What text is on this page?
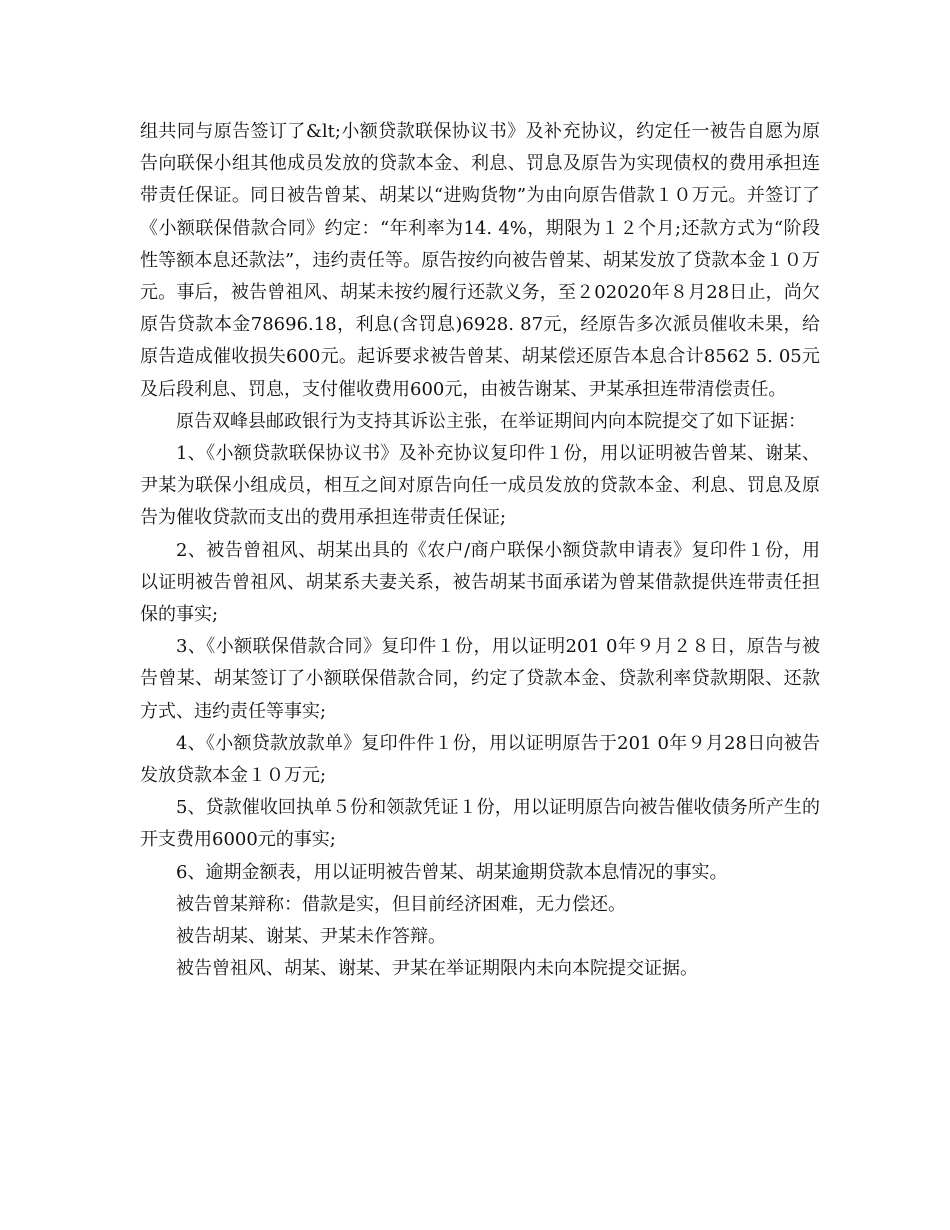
组共同与原告签订了&lt;小额贷款联保协议书》及补充协议，约定任一被告自愿为原告向联保小组其他成员发放的贷款本金、利息、罚息及原告为实现债权的费用承担连带责任保证。同日被告曾某、胡某以“进购货物”为由向原告借款１０万元。并签订了《小额联保借款合同》约定：“年利率为14. 4%，期限为１２个月;还款方式为“阶段性等额本息还款法”，违约责任等。原告按约向被告曾某、胡某发放了贷款本金１０万元。事后，被告曾祖风、胡某未按约履行还款义务，至２02020年８月28日止，尚欠原告贷款本金78696.18，利息(含罚息)6928. 87元，经原告多次派员催收未果，给原告造成催收损失600元。起诉要求被告曾某、胡某偿还原告本息合计8562 5. 05元及后段利息、罚息，支付催收费用600元，由被告谢某、尹某承担连带清偿责任。

原告双峰县邮政银行为支持其诉讼主张，在举证期间内向本院提交了如下证据：

1、《小额贷款联保协议书》及补充协议复印件１份，用以证明被告曾某、谢某、尹某为联保小组成员，相互之间对原告向任一成员发放的贷款本金、利息、罚息及原告为催收贷款而支出的费用承担连带责任保证;

2、被告曾祖风、胡某出具的《农户/商户联保小额贷款申请表》复印件１份，用以证明被告曾祖风、胡某系夫妻关系，被告胡某书面承诺为曾某借款提供连带责任担保的事实;

3、《小额联保借款合同》复印件１份，用以证明201 0年９月２８日，原告与被告曾某、胡某签订了小额联保借款合同，约定了贷款本金、贷款利率贷款期限、还款方式、违约责任等事实;

4、《小额贷款放款单》复印件件１份，用以证明原告于201 0年９月28日向被告发放贷款本金１０万元;

5、贷款催收回执单５份和领款凭证１份，用以证明原告向被告催收债务所产生的开支费用6000元的事实;

6、逾期金额表，用以证明被告曾某、胡某逾期贷款本息情况的事实。

被告曾某辩称：借款是实，但目前经济困难，无力偿还。

被告胡某、谢某、尹某未作答辩。

被告曾祖风、胡某、谢某、尹某在举证期限内未向本院提交证据。
